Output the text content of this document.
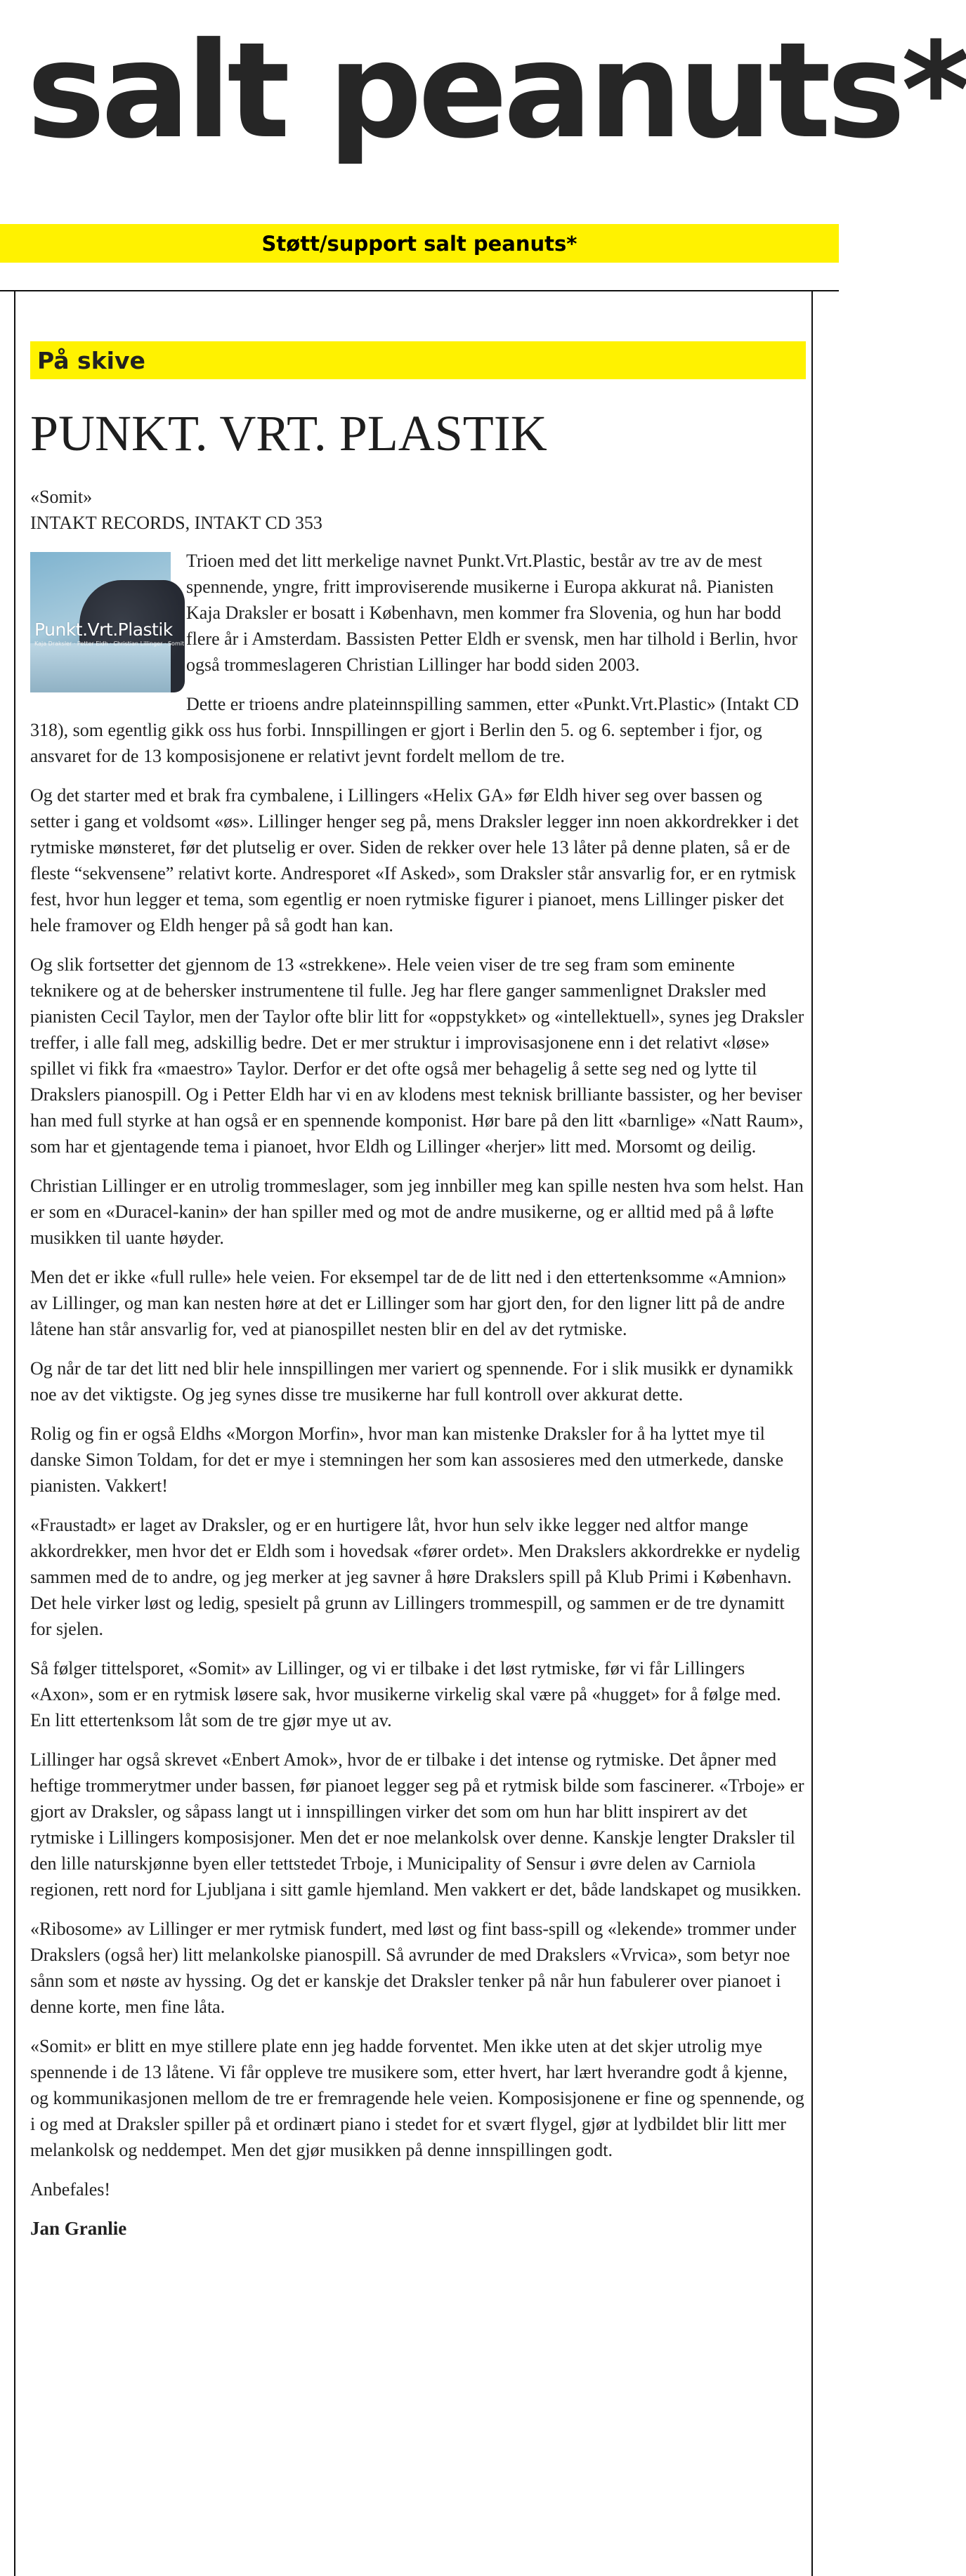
salt peanuts*
Støtt/support salt peanuts*
På skive
PUNKT. VRT. PLASTIK

«Somit»

INTAKT RECORDS, INTAKT CD 353

Punkt.Vrt.Plastik
Kaja Draksler · Petter Eldh · Christian Lillinger · Somit

Trioen med det litt merkelige navnet Punkt.Vrt.Plastic, består av tre av de mest spennende, yngre, fritt improviserende musikerne i Europa akkurat nå. Pianisten Kaja Draksler er bosatt i København, men kommer fra Slovenia, og hun har bodd flere år i Amsterdam. Bassisten Petter Eldh er svensk, men har tilhold i Berlin, hvor også trommeslageren Christian Lillinger har bodd siden 2003.

Dette er trioens andre plateinnspilling sammen, etter «Punkt.Vrt.Plastic» (Intakt CD 318), som egentlig gikk oss hus forbi. Innspillingen er gjort i Berlin den 5. og 6. september i fjor, og ansvaret for de 13 komposisjonene er relativt jevnt fordelt mellom de tre.

Og det starter med et brak fra cymbalene, i Lillingers «Helix GA» før Eldh hiver seg over bassen og setter i gang et voldsomt «øs». Lillinger henger seg på, mens Draksler legger inn noen akkordrekker i det rytmiske mønsteret, før det plutselig er over. Siden de rekker over hele 13 låter på denne platen, så er de fleste “sekvensene” relativt korte. Andresporet «If Asked», som Draksler står ansvarlig for, er en rytmisk fest, hvor hun legger et tema, som egentlig er noen rytmiske figurer i pianoet, mens Lillinger pisker det hele framover og Eldh henger på så godt han kan.

Og slik fortsetter det gjennom de 13 «strekkene». Hele veien viser de tre seg fram som eminente teknikere og at de behersker instrumentene til fulle. Jeg har flere ganger sammenlignet Draksler med pianisten Cecil Taylor, men der Taylor ofte blir litt for «oppstykket» og «intellektuell», synes jeg Draksler treffer, i alle fall meg, adskillig bedre. Det er mer struktur i improvisasjonene enn i det relativt «løse» spillet vi fikk fra «maestro» Taylor. Derfor er det ofte også mer behagelig å sette seg ned og lytte til Drakslers pianospill. Og i Petter Eldh har vi en av klodens mest teknisk brilliante bassister, og her beviser han med full styrke at han også er en spennende komponist. Hør bare på den litt «barnlige» «Natt Raum», som har et gjentagende tema i pianoet, hvor Eldh og Lillinger «herjer» litt med. Morsomt og deilig.

Christian Lillinger er en utrolig trommeslager, som jeg innbiller meg kan spille nesten hva som helst. Han er som en «Duracel-kanin» der han spiller med og mot de andre musikerne, og er alltid med på å løfte musikken til uante høyder.

Men det er ikke «full rulle» hele veien. For eksempel tar de de litt ned i den ettertenksomme «Amnion» av Lillinger, og man kan nesten høre at det er Lillinger som har gjort den, for den ligner litt på de andre låtene han står ansvarlig for, ved at pianospillet nesten blir en del av det rytmiske.

Og når de tar det litt ned blir hele innspillingen mer variert og spennende. For i slik musikk er dynamikk noe av det viktigste. Og jeg synes disse tre musikerne har full kontroll over akkurat dette.

Rolig og fin er også Eldhs «Morgon Morfin», hvor man kan mistenke Draksler for å ha lyttet mye til danske Simon Toldam, for det er mye i stemningen her som kan assosieres med den utmerkede, danske pianisten. Vakkert!

«Fraustadt» er laget av Draksler, og er en hurtigere låt, hvor hun selv ikke legger ned altfor mange akkordrekker, men hvor det er Eldh som i hovedsak «fører ordet». Men Drakslers akkordrekke er nydelig sammen med de to andre, og jeg merker at jeg savner å høre Drakslers spill på Klub Primi i København. Det hele virker løst og ledig, spesielt på grunn av Lillingers trommespill, og sammen er de tre dynamitt for sjelen.

Så følger tittelsporet, «Somit» av Lillinger, og vi er tilbake i det løst rytmiske, før vi får Lillingers «Axon», som er en rytmisk løsere sak, hvor musikerne virkelig skal være på «hugget» for å følge med. En litt ettertenksom låt som de tre gjør mye ut av.

Lillinger har også skrevet «Enbert Amok», hvor de er tilbake i det intense og rytmiske. Det åpner med heftige trommerytmer under bassen, før pianoet legger seg på et rytmisk bilde som fascinerer. «Trboje» er gjort av Draksler, og såpass langt ut i innspillingen virker det som om hun har blitt inspirert av det rytmiske i Lillingers komposisjoner. Men det er noe melankolsk over denne. Kanskje lengter Draksler til den lille naturskjønne byen eller tettstedet Trboje, i Municipality of Sensur i øvre delen av Carniola regionen, rett nord for Ljubljana i sitt gamle hjemland. Men vakkert er det, både landskapet og musikken.

«Ribosome» av Lillinger er mer rytmisk fundert, med løst og fint bass-spill og «lekende» trommer under Drakslers (også her) litt melankolske pianospill. Så avrunder de med Drakslers «Vrvica», som betyr noe sånn som et nøste av hyssing. Og det er kanskje det Draksler tenker på når hun fabulerer over pianoet i denne korte, men fine låta.

«Somit» er blitt en mye stillere plate enn jeg hadde forventet. Men ikke uten at det skjer utrolig mye spennende i de 13 låtene. Vi får oppleve tre musikere som, etter hvert, har lært hverandre godt å kjenne, og kommunikasjonen mellom de tre er fremragende hele veien. Komposisjonene er fine og spennende, og i og med at Draksler spiller på et ordinært piano i stedet for et svært flygel, gjør at lydbildet blir litt mer melankolsk og neddempet. Men det gjør musikken på denne innspillingen godt.

Anbefales!

Jan Granlie
